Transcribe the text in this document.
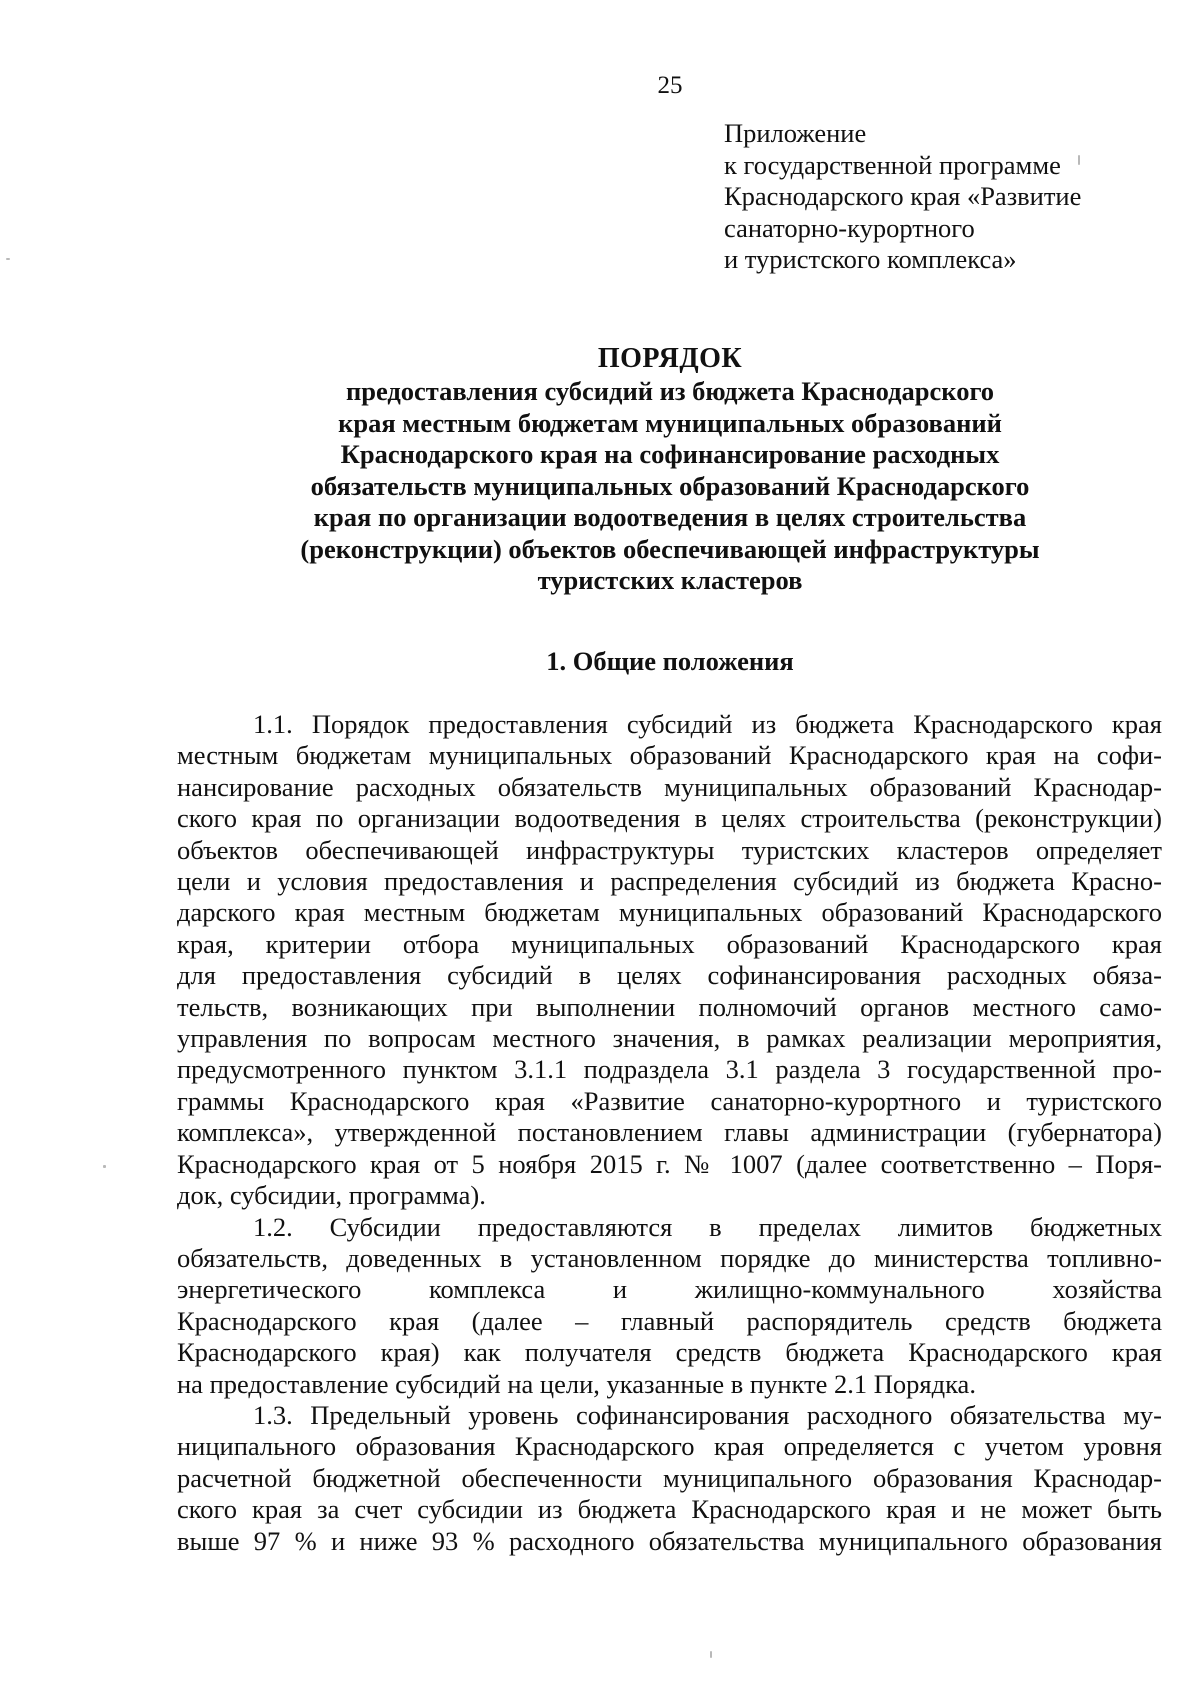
25
Приложение
к государственной программе
Краснодарского края «Развитие
санаторно-курортного
и туристского комплекса»
ПОРЯДОК
предоставления субсидий из бюджета Краснодарского
края местным бюджетам муниципальных образований
Краснодарского края на софинансирование расходных
обязательств муниципальных образований Краснодарского
края по организации водоотведения в целях строительства
(реконструкции) объектов обеспечивающей инфраструктуры
туристских кластеров
1. Общие положения
1.1. Порядок предоставления субсидий из бюджета Краснодарского края
местным бюджетам муниципальных образований Краснодарского края на софи-
нансирование расходных обязательств муниципальных образований Краснодар-
ского края по организации водоотведения в целях строительства (реконструкции)
объектов обеспечивающей инфраструктуры туристских кластеров определяет
цели и условия предоставления и распределения субсидий из бюджета Красно-
дарского края местным бюджетам муниципальных образований Краснодарского
края, критерии отбора муниципальных образований Краснодарского края
для предоставления субсидий в целях софинансирования расходных обяза-
тельств, возникающих при выполнении полномочий органов местного само-
управления по вопросам местного значения, в рамках реализации мероприятия,
предусмотренного пунктом 3.1.1 подраздела 3.1 раздела 3 государственной про-
граммы Краснодарского края «Развитие санаторно-курортного и туристского
комплекса», утвержденной постановлением главы администрации (губернатора)
Краснодарского края от 5 ноября 2015 г. № 1007 (далее соответственно – Поря-
док, субсидии, программа).
1.2. Субсидии предоставляются в пределах лимитов бюджетных
обязательств, доведенных в установленном порядке до министерства топливно-
энергетического комплекса и жилищно-коммунального хозяйства
Краснодарского края (далее – главный распорядитель средств бюджета
Краснодарского края) как получателя средств бюджета Краснодарского края
на предоставление субсидий на цели, указанные в пункте 2.1 Порядка.
1.3. Предельный уровень софинансирования расходного обязательства му-
ниципального образования Краснодарского края определяется с учетом уровня
расчетной бюджетной обеспеченности муниципального образования Краснодар-
ского края за счет субсидии из бюджета Краснодарского края и не может быть
выше 97 % и ниже 93 % расходного обязательства муниципального образования
